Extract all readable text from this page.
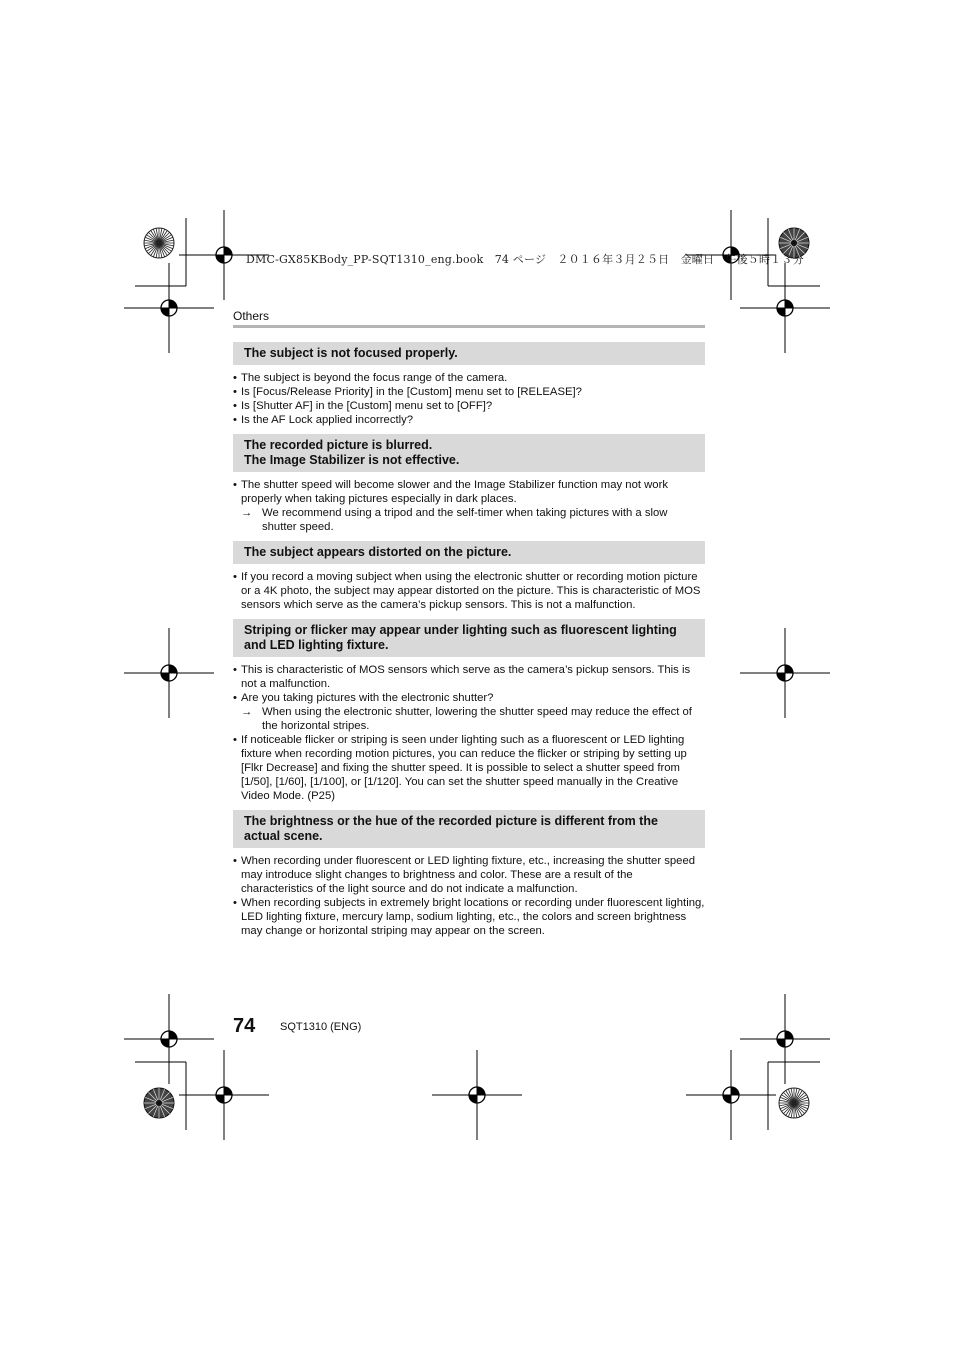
DMC-GX85KBody_PP-SQT1310_eng.book　74 ページ　２０１６年３月２５日　金曜日　午後５時１３分
Others
The subject is not focused properly.
• The subject is beyond the focus range of the camera.
• Is [Focus/Release Priority] in the [Custom] menu set to [RELEASE]?
• Is [Shutter AF] in the [Custom] menu set to [OFF]?
• Is the AF Lock applied incorrectly?
The recorded picture is blurred.
The Image Stabilizer is not effective.
• The shutter speed will become slower and the Image Stabilizer function may not work properly when taking pictures especially in dark places.
→ We recommend using a tripod and the self-timer when taking pictures with a slow shutter speed.
The subject appears distorted on the picture.
• If you record a moving subject when using the electronic shutter or recording motion picture or a 4K photo, the subject may appear distorted on the picture. This is characteristic of MOS sensors which serve as the camera’s pickup sensors. This is not a malfunction.
Striping or flicker may appear under lighting such as fluorescent lighting and LED lighting fixture.
• This is characteristic of MOS sensors which serve as the camera’s pickup sensors. This is not a malfunction.
• Are you taking pictures with the electronic shutter?
→ When using the electronic shutter, lowering the shutter speed may reduce the effect of the horizontal stripes.
• If noticeable flicker or striping is seen under lighting such as a fluorescent or LED lighting fixture when recording motion pictures, you can reduce the flicker or striping by setting up [Flkr Decrease] and fixing the shutter speed. It is possible to select a shutter speed from [1/50], [1/60], [1/100], or [1/120]. You can set the shutter speed manually in the Creative Video Mode. (P25)
The brightness or the hue of the recorded picture is different from the actual scene.
• When recording under fluorescent or LED lighting fixture, etc., increasing the shutter speed may introduce slight changes to brightness and color. These are a result of the characteristics of the light source and do not indicate a malfunction.
• When recording subjects in extremely bright locations or recording under fluorescent lighting, LED lighting fixture, mercury lamp, sodium lighting, etc., the colors and screen brightness may change or horizontal striping may appear on the screen.
74 SQT1310 (ENG)
